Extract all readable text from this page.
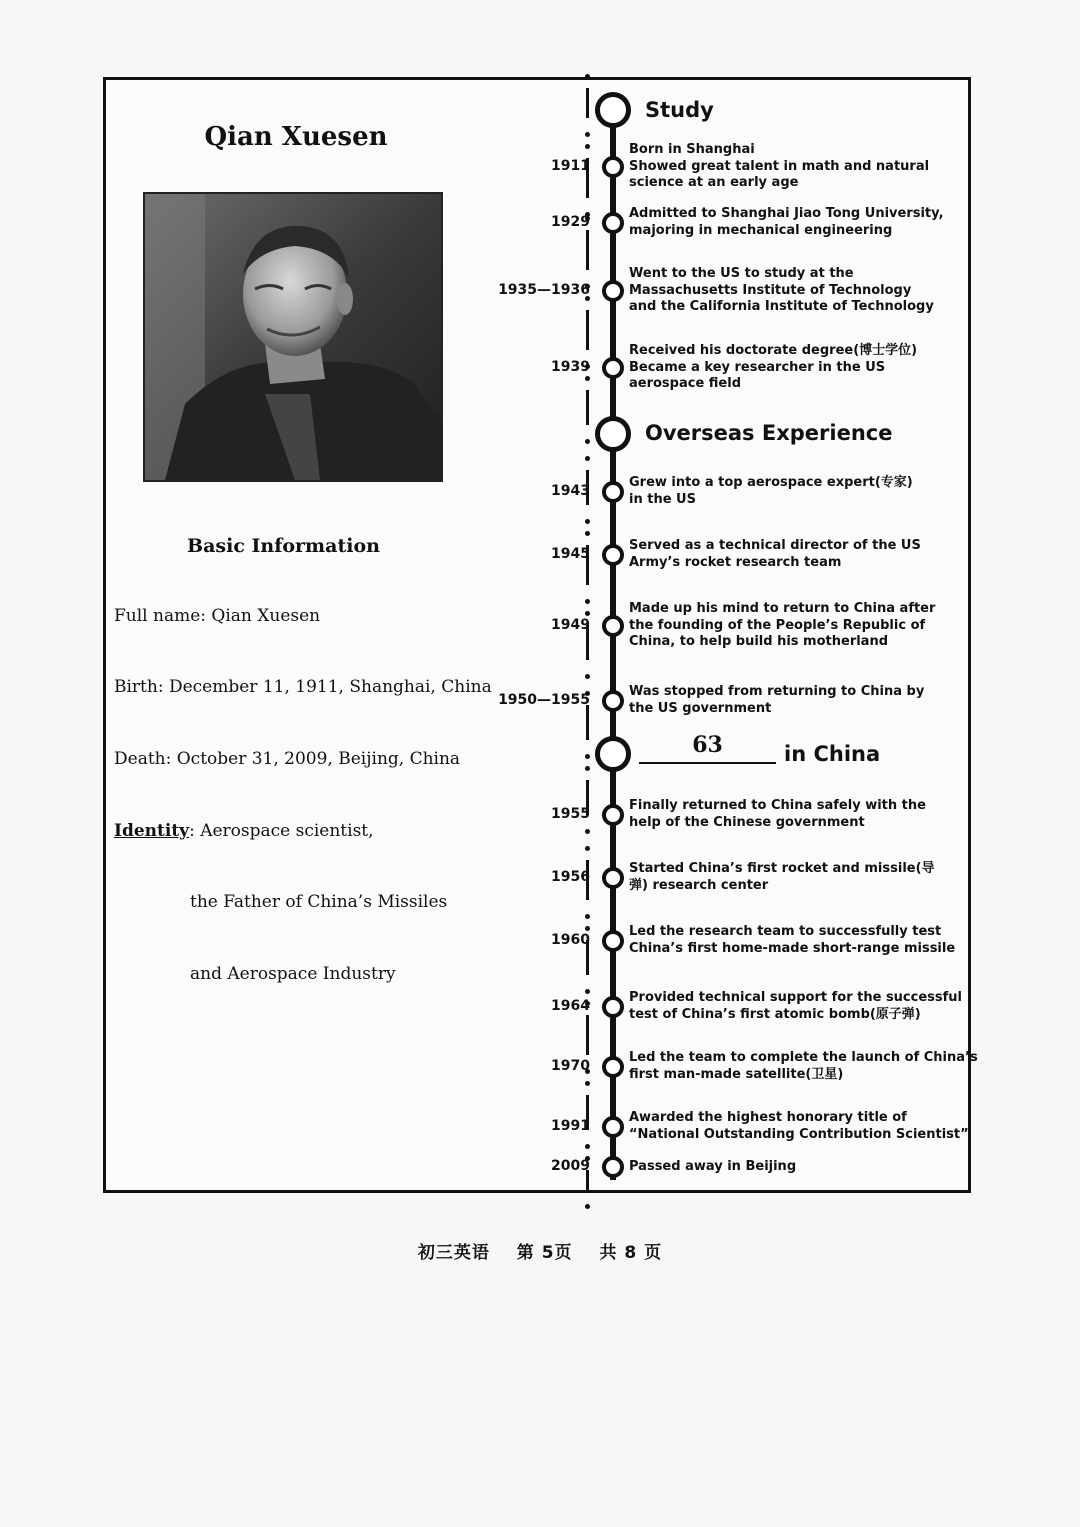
Qian Xuesen
Basic Information
Full name: Qian Xuesen
Birth: December 11, 1911, Shanghai, China
Death: October 31, 2009, Beijing, China
Identity: Aerospace scientist,
the Father of China’s Missiles
and Aerospace Industry
Study
Overseas Experience
63	in China
1911
Born in Shanghai
Showed great talent in math and natural
science at an early age
1929	Admitted to Shanghai Jiao Tong University,
majoring in mechanical engineering
1935—1936
Went to the US to study at the
Massachusetts Institute of Technology
and the California Institute of Technology
1939
Received his doctorate degree(博士学位)
Became a key researcher in the US
aerospace field
1943	Grew into a top aerospace expert(专家)
in the US
1945	Served as a technical director of the US
Army’s rocket research team
1949
Made up his mind to return to China after
the founding of the People’s Republic of
China, to help build his motherland
1950—1955	Was stopped from returning to China by
the US government
1955	Finally returned to China safely with the
help of the Chinese government
1956	Started China’s first rocket and missile(导
弹) research center
1960	Led the research team to successfully test
China’s first home-made short-range missile
1964	Provided technical support for the successful
test of China’s first atomic bomb(原子弹)
1970	Led the team to complete the launch of China’s
first man-made satellite(卫星)
1991	Awarded the highest honorary title of
“National Outstanding Contribution Scientist”
2009	Passed away in Beijing
初三英语 第 5页 共 8 页
